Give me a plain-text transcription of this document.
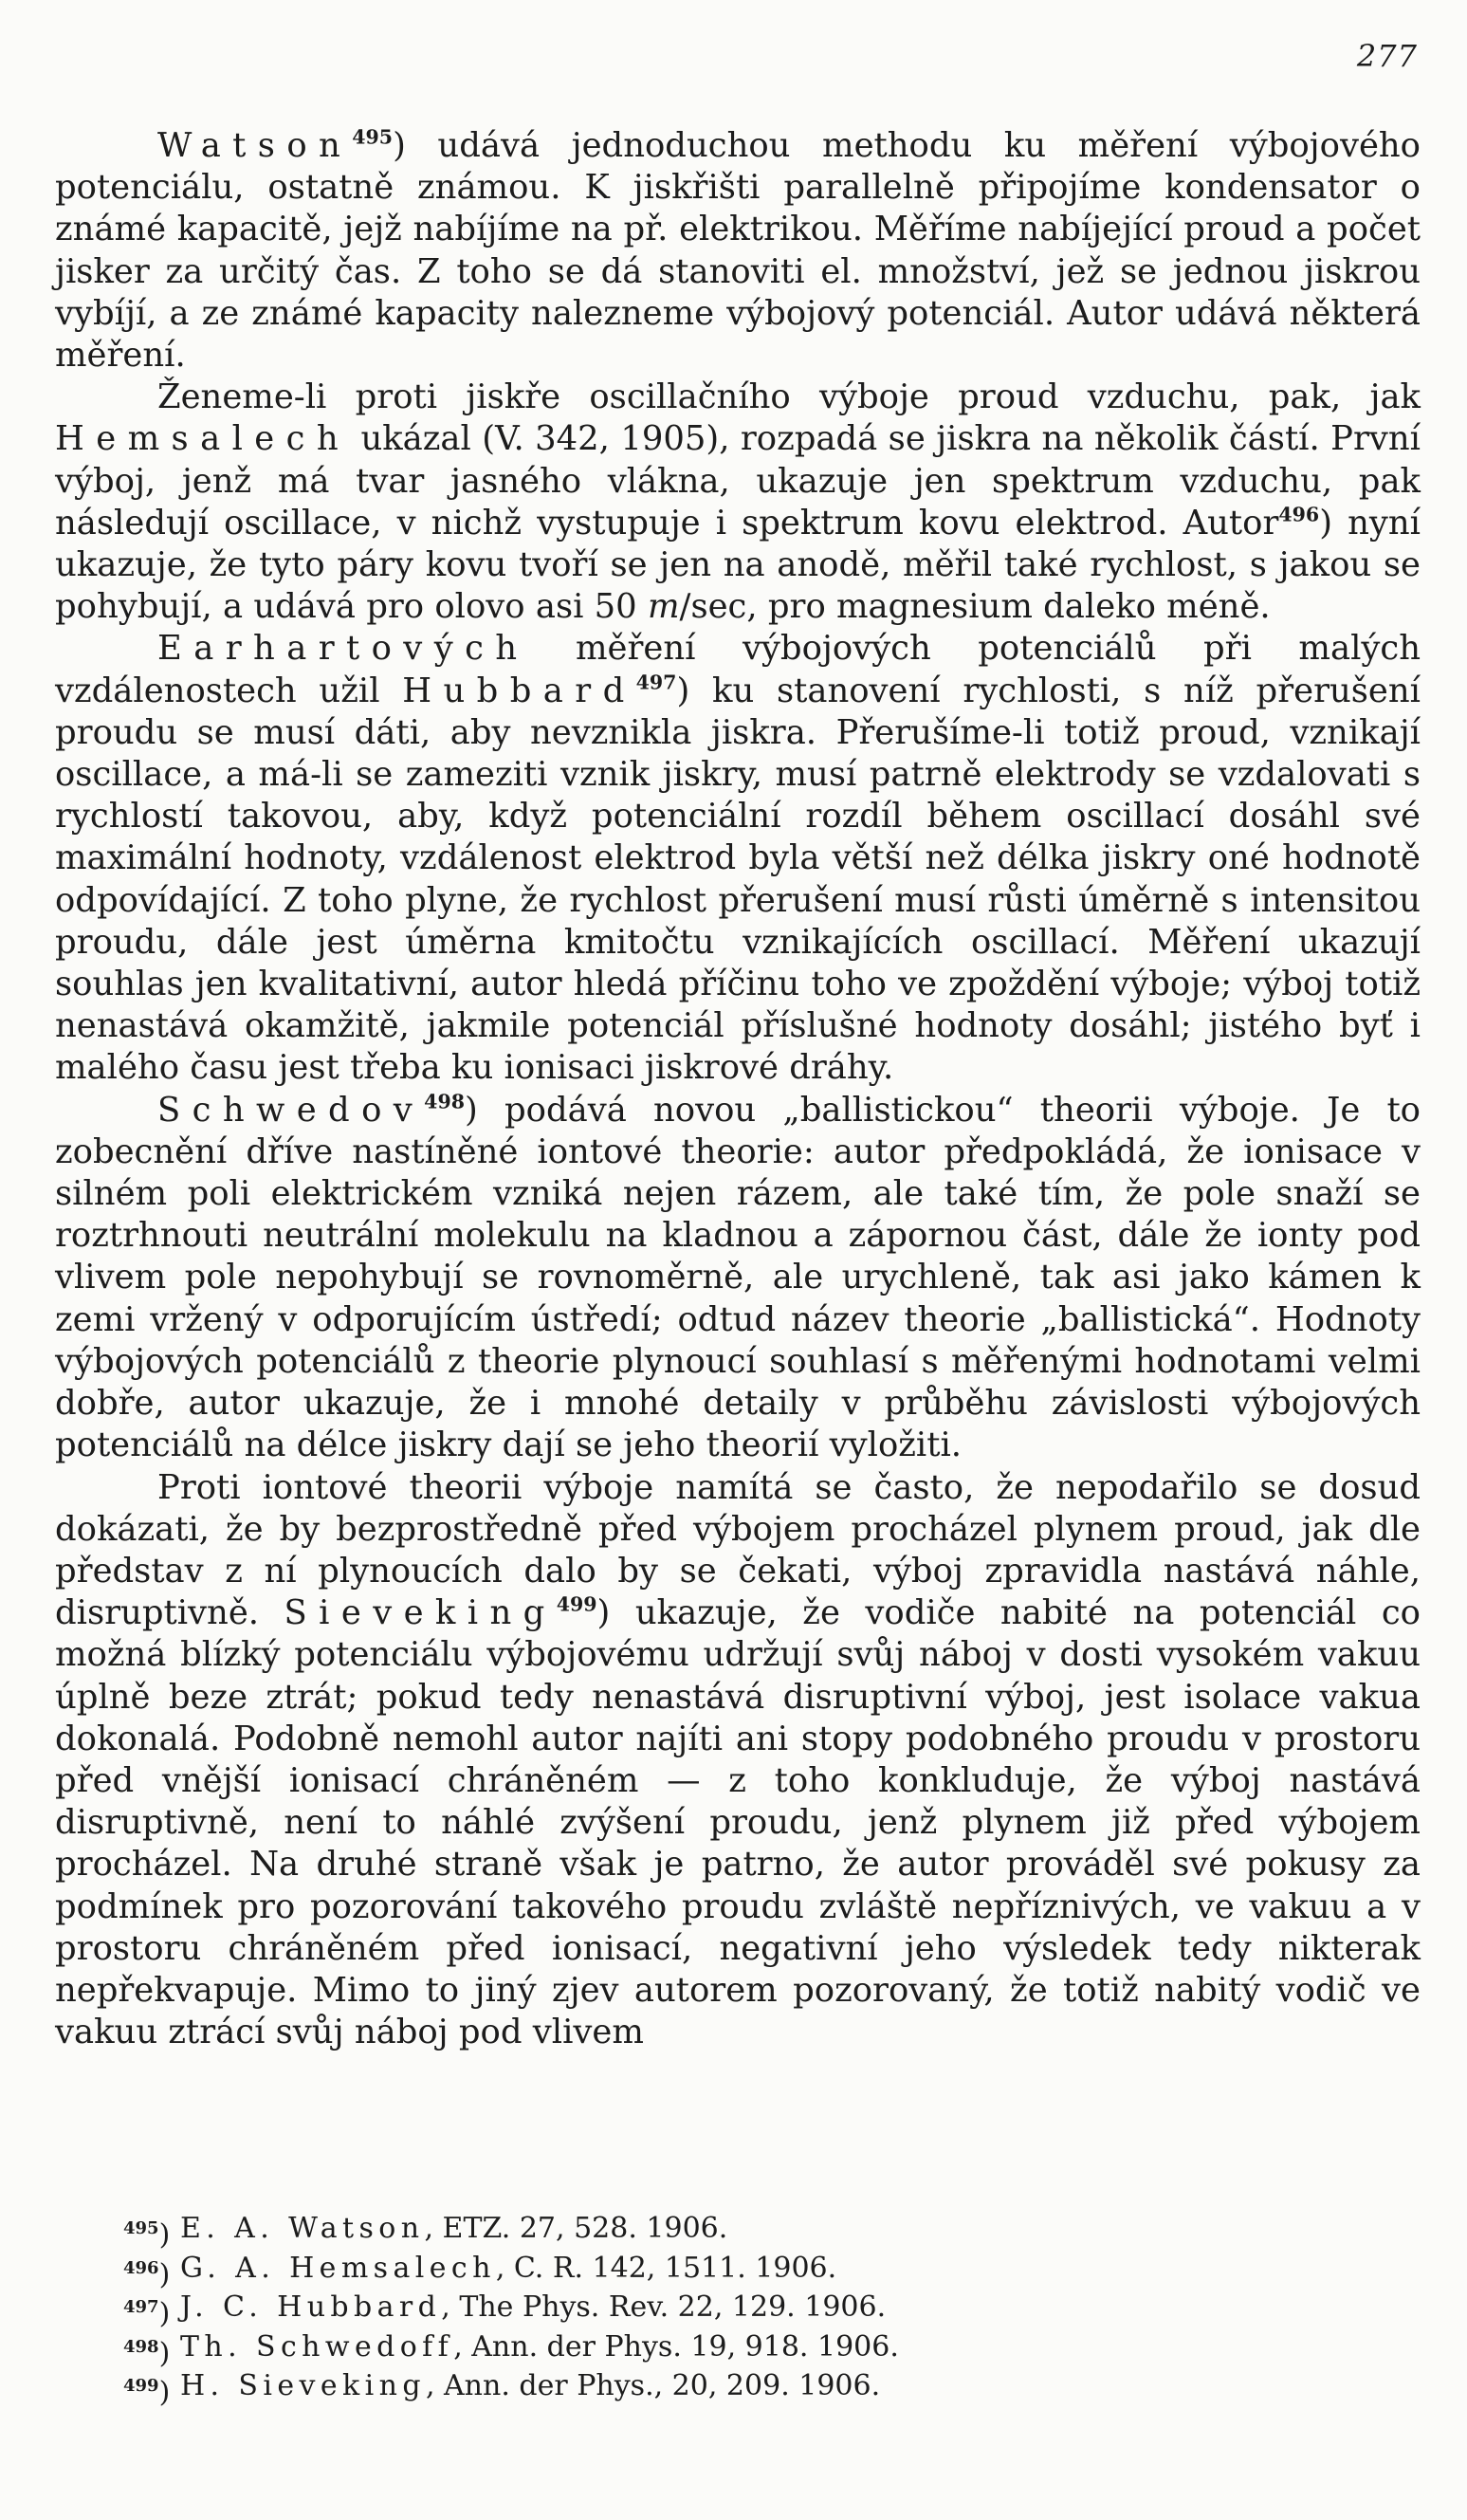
277

Watson$^{495}$) udává jednoduchou methodu ku měření výbojového potenciálu, ostatně známou. K jiskřišti parallelně připojíme kondensator o známé kapacitě, jejž nabíjíme na př. elektrikou. Měříme nabíjející proud a počet jisker za určitý čas. Z toho se dá stanoviti el. množství, jež se jednou jiskrou vybíjí, a ze známé kapacity nalezneme výbojový potenciál. Autor udává některá měření.

Ženeme-li proti jiskře oscillačního výboje proud vzduchu, pak, jak Hemsalech ukázal (V. 342, 1905), rozpadá se jiskra na několik částí. První výboj, jenž má tvar jasného vlákna, ukazuje jen spektrum vzduchu, pak následují oscillace, v nichž vystupuje i spektrum kovu elektrod. Autor$^{496}$) nyní ukazuje, že tyto páry kovu tvoří se jen na anodě, měřil také rychlost, s jakou se pohybují, a udává pro olovo asi 50 m/sec, pro magnesium daleko méně.

Earhartových měření výbojových potenciálů při malých vzdálenostech užil Hubbard$^{497}$) ku stanovení rychlosti, s níž přerušení proudu se musí dáti, aby nevznikla jiskra. Přerušíme-li totiž proud, vznikají oscillace, a má-li se zameziti vznik jiskry, musí patrně elektrody se vzdalovati s rychlostí takovou, aby, když potenciální rozdíl během oscillací dosáhl své maximální hodnoty, vzdálenost elektrod byla větší než délka jiskry oné hodnotě odpovídající. Z toho plyne, že rychlost přerušení musí růsti úměrně s intensitou proudu, dále jest úměrna kmitočtu vznikajících oscillací. Měření ukazují souhlas jen kvalitativní, autor hledá příčinu toho ve zpoždění výboje; výboj totiž nenastává okamžitě, jakmile potenciál příslušné hodnoty dosáhl; jistého byť i malého času jest třeba ku ionisaci jiskrové dráhy.

Schwedov$^{498}$) podává novou „ballistickou“ theorii výboje. Je to zobecnění dříve nastíněné iontové theorie: autor předpokládá, že ionisace v silném poli elektrickém vzniká nejen rázem, ale také tím, že pole snaží se roztrhnouti neutrální molekulu na kladnou a zápornou část, dále že ionty pod vlivem pole nepohybují se rovnoměrně, ale urychleně, tak asi jako kámen k zemi vržený v odporujícím ústředí; odtud název theorie „ballistická“. Hodnoty výbojových potenciálů z theorie plynoucí souhlasí s měřenými hodnotami velmi dobře, autor ukazuje, že i mnohé detaily v průběhu závislosti výbojových potenciálů na délce jiskry dají se jeho theorií vyložiti.

Proti iontové theorii výboje namítá se často, že nepodařilo se dosud dokázati, že by bezprostředně před výbojem procházel plynem proud, jak dle představ z ní plynoucích dalo by se čekati, výboj zpravidla nastává náhle, disruptivně. Sieveking$^{499}$) ukazuje, že vodiče nabité na potenciál co možná blízký potenciálu výbojovému udržují svůj náboj v dosti vysokém vakuu úplně beze ztrát; pokud tedy nenastává disruptivní výboj, jest isolace vakua dokonalá. Podobně nemohl autor najíti ani stopy podobného proudu v prostoru před vnější ionisací chráněném — z toho konkluduje, že výboj nastává disruptivně, není to náhlé zvýšení proudu, jenž plynem již před výbojem procházel. Na druhé straně však je patrno, že autor prováděl své pokusy za podmínek pro pozorování takového proudu zvláště nepříznivých, ve vakuu a v prostoru chráněném před ionisací, negativní jeho výsledek tedy nikterak nepřekvapuje. Mimo to jiný zjev autorem pozorovaný, že totiž nabitý vodič ve vakuu ztrácí svůj náboj pod vlivem

$^{495}$) E. A. Watson , ETZ. 27, 528. 1906.
$^{496}$) G. A. Hemsalech , C. R. 142, 1511. 1906.
$^{497}$) J. C. Hubbard , The Phys. Rev. 22, 129. 1906.
$^{498}$) Th. Schwedoff , Ann. der Phys. 19, 918. 1906.
$^{499}$) H. Sieveking , Ann. der Phys., 20, 209. 1906.
